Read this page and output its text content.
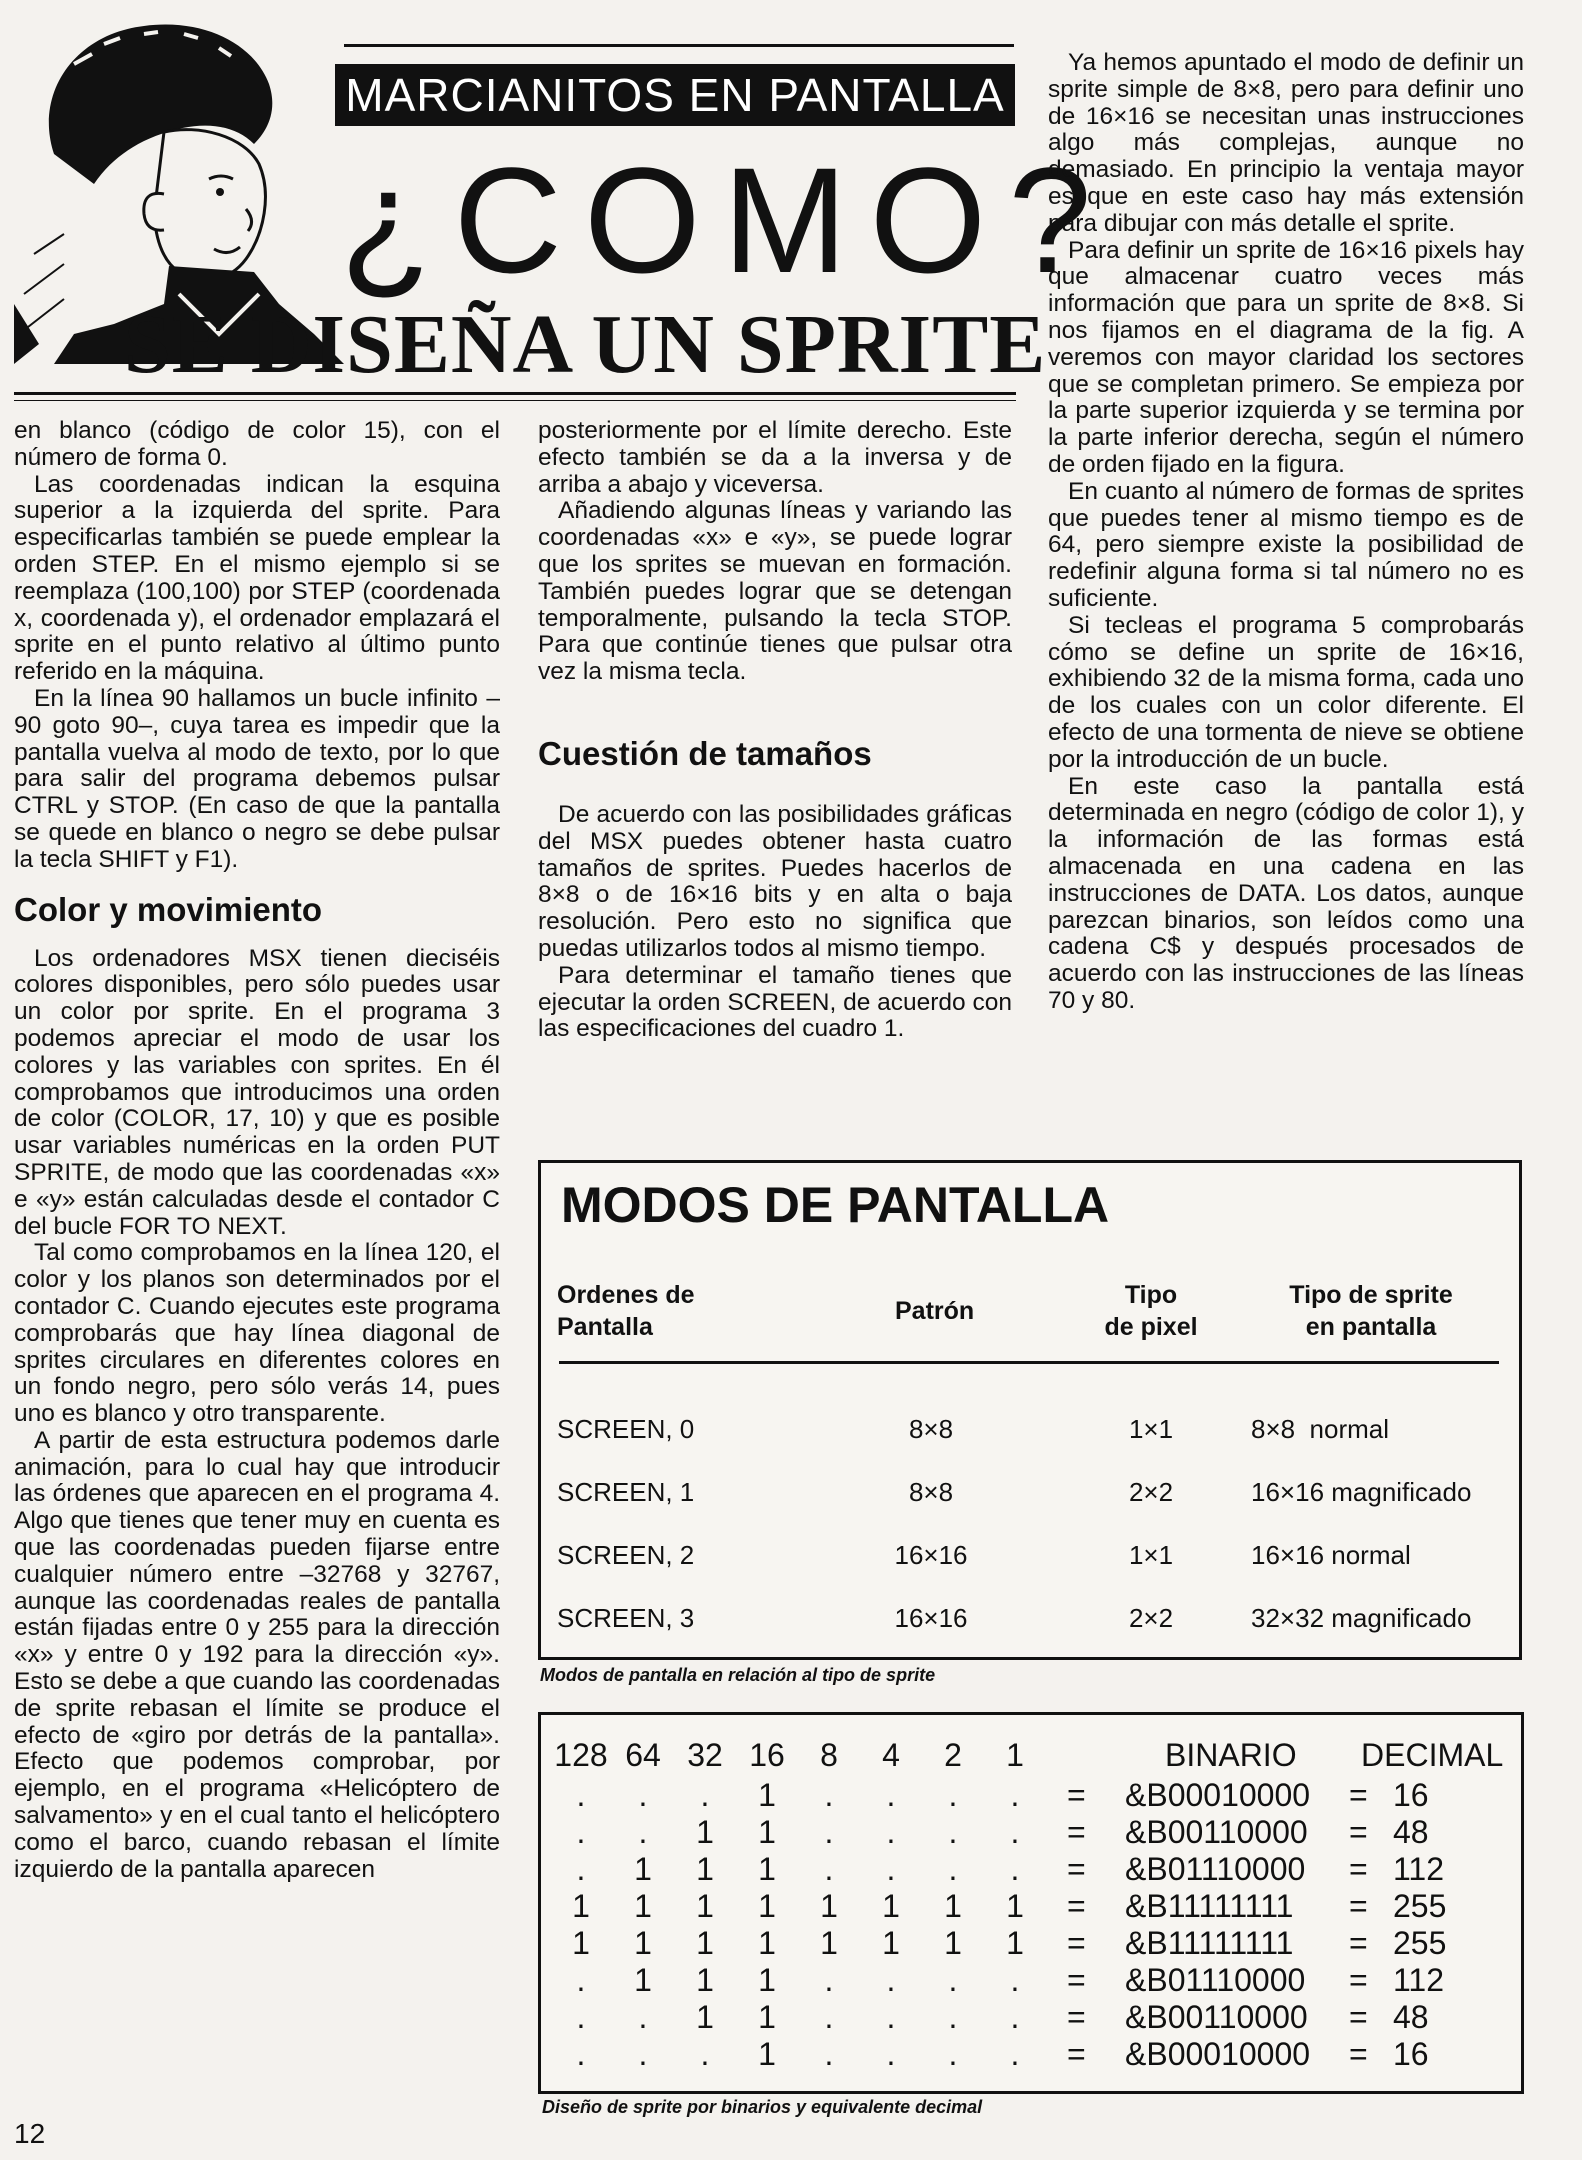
MARCIANITOS EN PANTALLA
¿COMO?
SE DISEÑA UN SPRITE

en blanco (código de color 15), con el número de forma 0.

Las coordenadas indican la esquina superior a la izquierda del sprite. Para especificarlas también se puede emplear la orden STEP. En el mismo ejemplo si se reemplaza (100,100) por STEP (coordenada x, coordenada y), el ordenador emplazará el sprite en el punto relativo al último punto referido en la máquina.

En la línea 90 hallamos un bucle infinito –90 goto 90–, cuya tarea es impedir que la pantalla vuelva al modo de texto, por lo que para salir del programa debemos pulsar CTRL y STOP. (En caso de que la pantalla se quede en blanco o negro se debe pulsar la tecla SHIFT y F1).

Color y movimiento

Los ordenadores MSX tienen dieciséis colores disponibles, pero sólo puedes usar un color por sprite. En el programa 3 podemos apreciar el modo de usar los colores y las variables con sprites. En él comprobamos que introducimos una orden de color (COLOR, 17, 10) y que es posible usar variables numéricas en la orden PUT SPRITE, de modo que las coordenadas «x» e «y» están calculadas desde el contador C del bucle FOR TO NEXT.

Tal como comprobamos en la línea 120, el color y los planos son determinados por el contador C. Cuando ejecutes este programa comprobarás que hay línea diagonal de sprites circulares en diferentes colores en un fondo negro, pero sólo verás 14, pues uno es blanco y otro transparente.

A partir de esta estructura podemos darle animación, para lo cual hay que introducir las órdenes que aparecen en el programa 4. Algo que tienes que tener muy en cuenta es que las coordenadas pueden fijarse entre cualquier número entre –32768 y 32767, aunque las coordenadas reales de pantalla están fijadas entre 0 y 255 para la dirección «x» y entre 0 y 192 para la dirección «y». Esto se debe a que cuando las coordenadas de sprite rebasan el límite se produce el efecto de «giro por detrás de la pantalla». Efecto que podemos comprobar, por ejemplo, en el programa «Helicóptero de salvamento» y en el cual tanto el helicóptero como el barco, cuando rebasan el límite izquierdo de la pantalla aparecen

posteriormente por el límite derecho. Este efecto también se da a la inversa y de arriba a abajo y viceversa.

Añadiendo algunas líneas y variando las coordenadas «x» e «y», se puede lograr que los sprites se muevan en formación. También puedes lograr que se detengan temporalmente, pulsando la tecla STOP. Para que continúe tienes que pulsar otra vez la misma tecla.

Cuestión de tamaños

De acuerdo con las posibilidades gráficas del MSX puedes obtener hasta cuatro tamaños de sprites. Puedes hacerlos de 8×8 o de 16×16 bits y en alta o baja resolución. Pero esto no significa que puedas utilizarlos todos al mismo tiempo.

Para determinar el tamaño tienes que ejecutar la orden SCREEN, de acuerdo con las especificaciones del cuadro 1.

Ya hemos apuntado el modo de definir un sprite simple de 8×8, pero para definir uno de 16×16 se necesitan unas instrucciones algo más complejas, aunque no demasiado. En principio la ventaja mayor es que en este caso hay más extensión para dibujar con más detalle el sprite.

Para definir un sprite de 16×16 pixels hay que almacenar cuatro veces más información que para un sprite de 8×8. Si nos fijamos en el diagrama de la fig. A veremos con mayor claridad los sectores que se completan primero. Se empieza por la parte superior izquierda y se termina por la parte inferior derecha, según el número de orden fijado en la figura.

En cuanto al número de formas de sprites que puedes tener al mismo tiempo es de 64, pero siempre existe la posibilidad de redefinir alguna forma si tal número no es suficiente.

Si tecleas el programa 5 comprobarás cómo se define un sprite de 16×16, exhibiendo 32 de la misma forma, cada uno de los cuales con un color diferente. El efecto de una tormenta de nieve se obtiene por la introducción de un bucle.

En este caso la pantalla está determinada en negro (código de color 1), y la información de las formas está almacenada en una cadena en las instrucciones de DATA. Los datos, aunque parezcan binarios, son leídos como una cadena C$ y después procesados de acuerdo con las instrucciones de las líneas 70 y 80.

MODOS DE PANTALLA
Ordenes de
Pantalla
Patrón
Tipo
de pixel
Tipo de sprite
en pantalla
SCREEN, 0	8×8	1×1	8×8  normal
SCREEN, 1	8×8	2×2	16×16 magnificado
SCREEN, 2	16×16	1×1	16×16 normal
SCREEN, 3	16×16	2×2	32×32 magnificado
Modos de pantalla en relación al tipo de sprite
128 64 32 16	8	4	2	1	BINARIO DECIMAL
.	.	.	1	.	.	.	.	= &B00010000 = 16
.	.	1	1	.	.	.	.	= &B00110000 = 48
.	1	1	1	.	.	.	.	= &B01110000 = 112
1	1	1	1	1	1	1	1	= &B11111111 = 255
1	1	1	1	1	1	1	1	= &B11111111 = 255
.	1	1	1	.	.	.	.	= &B01110000 = 112
.	.	1	1	.	.	.	.	= &B00110000 = 48
.	.	.	1	.	.	.	.	= &B00010000 = 16
Diseño de sprite por binarios y equivalente decimal
12
